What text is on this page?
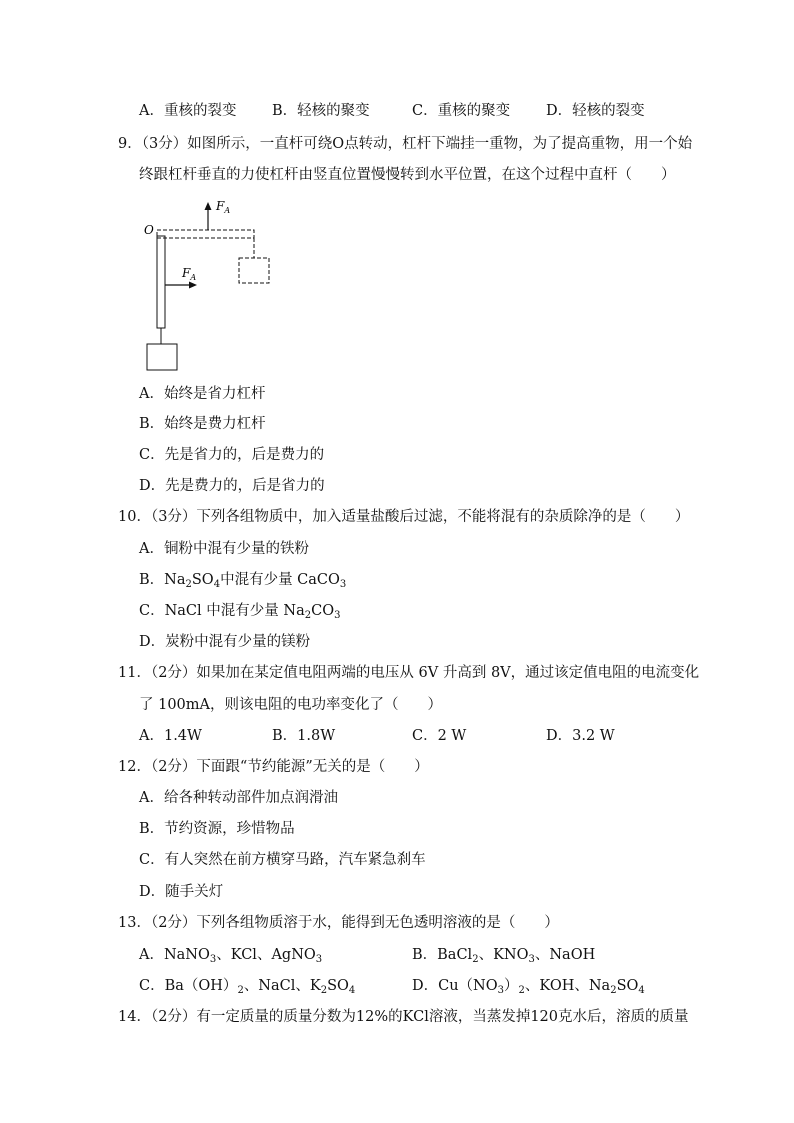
A．重核的裂变 B．轻核的聚变	C．重核的聚变 D．轻核的裂变
9．（3分）如图所示，一直杆可绕O点转动，杠杆下端挂一重物，为了提高重物，用一个始
终跟杠杆垂直的力使杠杆由竖直位置慢慢转到水平位置，在这个过程中直杆（　　）
O
$F_A$
$F_A$
A．始终是省力杠杆
B．始终是费力杠杆
C．先是省力的，后是费力的
D．先是费力的，后是省力的
10．（3分）下列各组物质中，加入适量盐酸后过滤，不能将混有的杂质除净的是（　　）
A．铜粉中混有少量的铁粉
B．$Na_2SO_4$中混有少量 CaCO$_3$
C．NaCl 中混有少量 $Na_2CO_3$
D．炭粉中混有少量的镁粉
11．（2分）如果加在某定值电阻两端的电压从 6V 升高到 8V，通过该定值电阻的电流变化
了 100mA，则该电阻的电功率变化了（　　）
A．1.4W	B．1.8W	C．2 W	D．3.2 W
12．（2分）下面跟“节约能源”无关的是（　　）
A．给各种转动部件加点润滑油
B．节约资源，珍惜物品
C．有人突然在前方横穿马路，汽车紧急刹车
D．随手关灯
13．（2分）下列各组物质溶于水，能得到无色透明溶液的是（　　）
A．NaNO$_3$、KCl、AgNO$_3$	B．BaCl$_2$、$KNO_3$、NaOH
C．$Ba(OH)_2$、NaCl、$K_2SO_4$	D．$Cu(NO_3)_2$、KOH、$Na_2SO_4$
14．（2分）有一定质量的质量分数为12%的KCl溶液，当蒸发掉120克水后，溶质的质量
